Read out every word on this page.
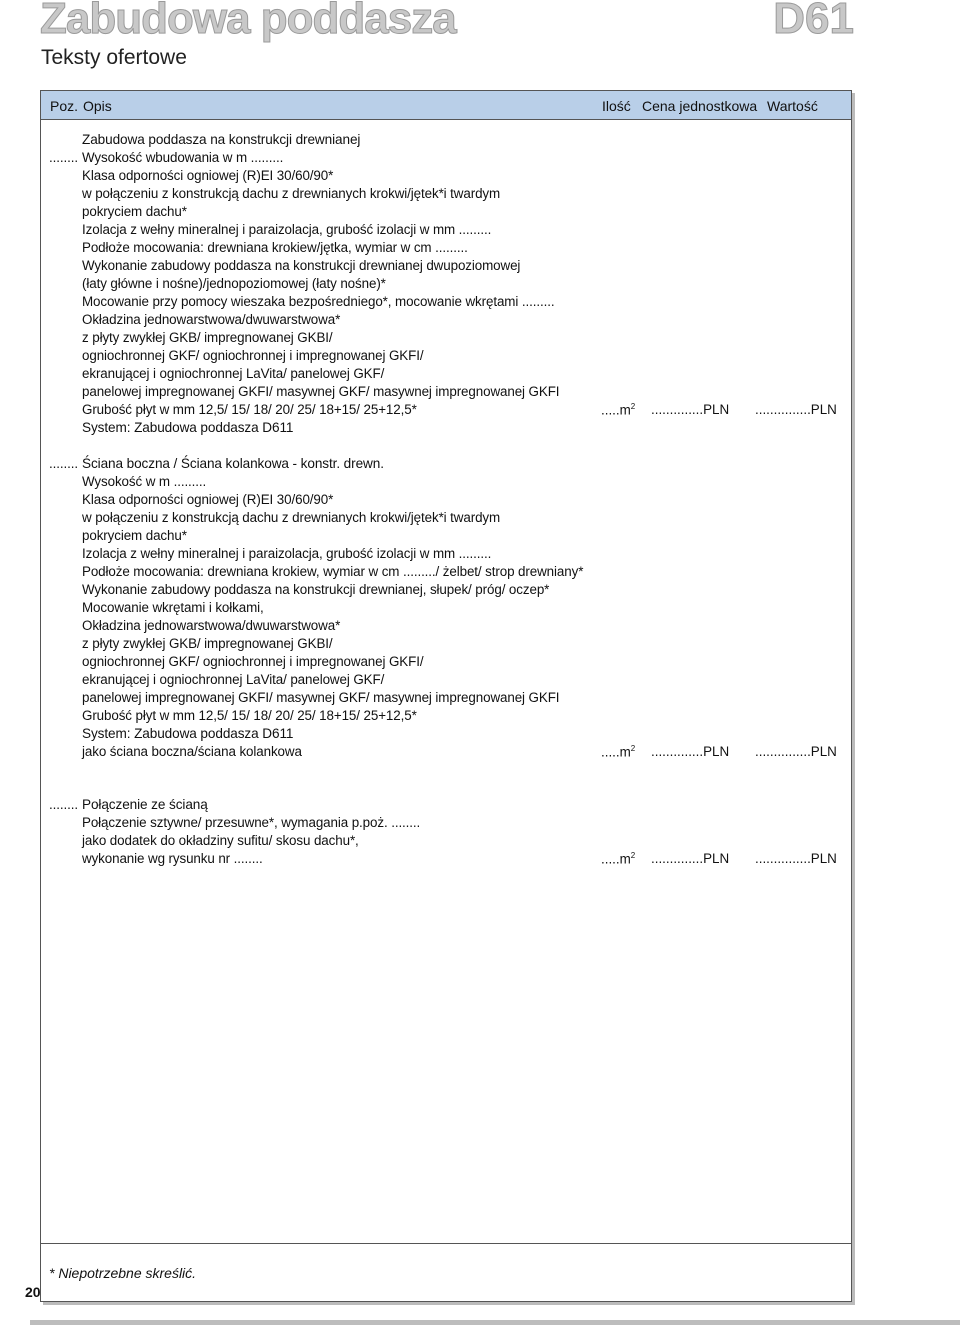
Zabudowa poddasza	D61
Teksty ofertowe
Poz. Opis	Ilość Cena jednostkowa Wartość
Zabudowa poddasza na konstrukcji drewnianej
........ Wysokość wbudowania w m .........
Klasa odporności ogniowej (R)EI 30/60/90*
w połączeniu z konstrukcją dachu z drewnianych krokwi/jętek*i twardym
pokryciem dachu*
Izolacja z wełny mineralnej i paraizolacja, grubość izolacji w mm .........
Podłoże mocowania: drewniana krokiew/jętka, wymiar w cm .........
Wykonanie zabudowy poddasza na konstrukcji drewnianej dwupoziomowej
(łaty główne i nośne)/jednopoziomowej (łaty nośne)*
Mocowanie przy pomocy wieszaka bezpośredniego*, mocowanie wkrętami .........
Okładzina jednowarstwowa/dwuwarstwowa*
z płyty zwykłej GKB/ impregnowanej GKBI/
ogniochronnej GKF/ ogniochronnej i impregnowanej GKFI/
ekranującej i ogniochronnej LaVita/ panelowej GKF/
panelowej impregnowanej GKFI/ masywnej GKF/ masywnej impregnowanej GKFI
Grubość płyt w mm 12,5/ 15/ 18/ 20/ 25/ 18+15/ 25+12,5*
System: Zabudowa poddasza D611
$.....m^2$ ..............PLN ...............PLN
........ Ściana boczna / Ściana kolankowa - konstr. drewn.
Wysokość w m .........
Klasa odporności ogniowej (R)EI 30/60/90*
w połączeniu z konstrukcją dachu z drewnianych krokwi/jętek*i twardym
pokryciem dachu*
Izolacja z wełny mineralnej i paraizolacja, grubość izolacji w mm .........
Podłoże mocowania: drewniana krokiew, wymiar w cm ........./ żelbet/ strop drewniany*
Wykonanie zabudowy poddasza na konstrukcji drewnianej, słupek/ próg/ oczep*
Mocowanie wkrętami i kołkami,
Okładzina jednowarstwowa/dwuwarstwowa*
z płyty zwykłej GKB/ impregnowanej GKBI/
ogniochronnej GKF/ ogniochronnej i impregnowanej GKFI/
ekranującej i ogniochronnej LaVita/ panelowej GKF/
panelowej impregnowanej GKFI/ masywnej GKF/ masywnej impregnowanej GKFI
Grubość płyt w mm 12,5/ 15/ 18/ 20/ 25/ 18+15/ 25+12,5*
System: Zabudowa poddasza D611
jako ściana boczna/ściana kolankowa	$.....m^2$ ..............PLN ...............PLN
........ Połączenie ze ścianą
Połączenie sztywne/ przesuwne*, wymagania p.poż. ........
jako dodatek do okładziny sufitu/ skosu dachu*,
wykonanie wg rysunku nr ........	$.....m^2$ ..............PLN ...............PLN
* Niepotrzebne skreślić.
20
